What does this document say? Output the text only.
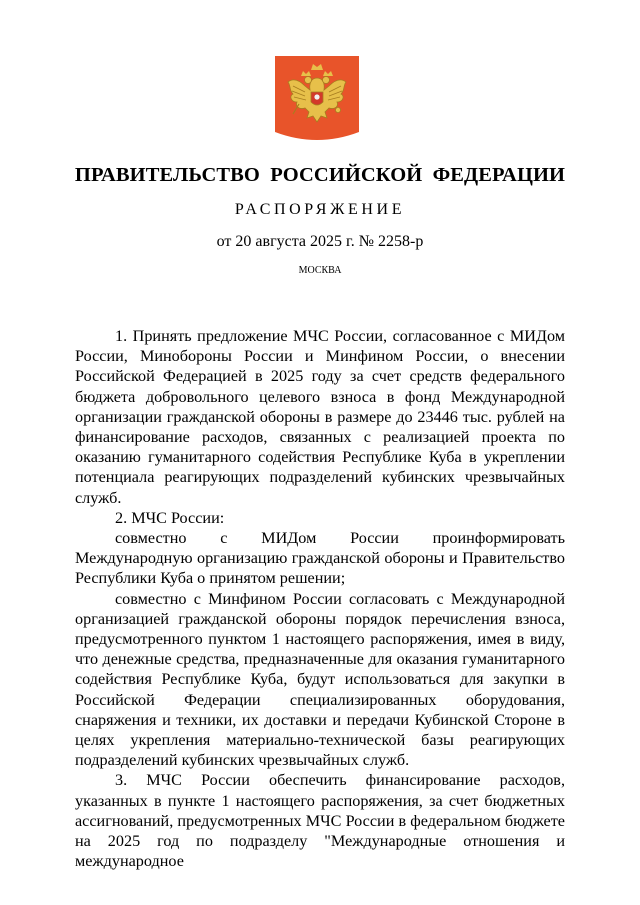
ПРАВИТЕЛЬСТВО РОССИЙСКОЙ ФЕДЕРАЦИИ
РАСПОРЯЖЕНИЕ
от 20 августа 2025 г. № 2258-р
МОСКВА

1. Принять предложение МЧС России, согласованное с МИДом России, Минобороны России и Минфином России, о внесении Российской Федерацией в 2025 году за счет средств федерального бюджета добровольного целевого взноса в фонд Международной организации гражданской обороны в размере до 23446 тыс. рублей на финансирование расходов, связанных с реализацией проекта по оказанию гуманитарного содействия Республике Куба в укреплении потенциала реагирующих подразделений кубинских чрезвычайных служб.

2. МЧС России:

совместно с МИДом России проинформировать Международную организацию гражданской обороны и Правительство Республики Куба о принятом решении;

совместно с Минфином России согласовать с Международной организацией гражданской обороны порядок перечисления взноса, предусмотренного пунктом 1 настоящего распоряжения, имея в виду, что денежные средства, предназначенные для оказания гуманитарного содействия Республике Куба, будут использоваться для закупки в Российской Федерации специализированных оборудования, снаряжения и техники, их доставки и передачи Кубинской Стороне в целях укрепления материально-технической базы реагирующих подразделений кубинских чрезвычайных служб.

3. МЧС России обеспечить финансирование расходов, указанных в пункте 1 настоящего распоряжения, за счет бюджетных ассигнований, предусмотренных МЧС России в федеральном бюджете на 2025 год по подразделу "Международные отношения и международное
